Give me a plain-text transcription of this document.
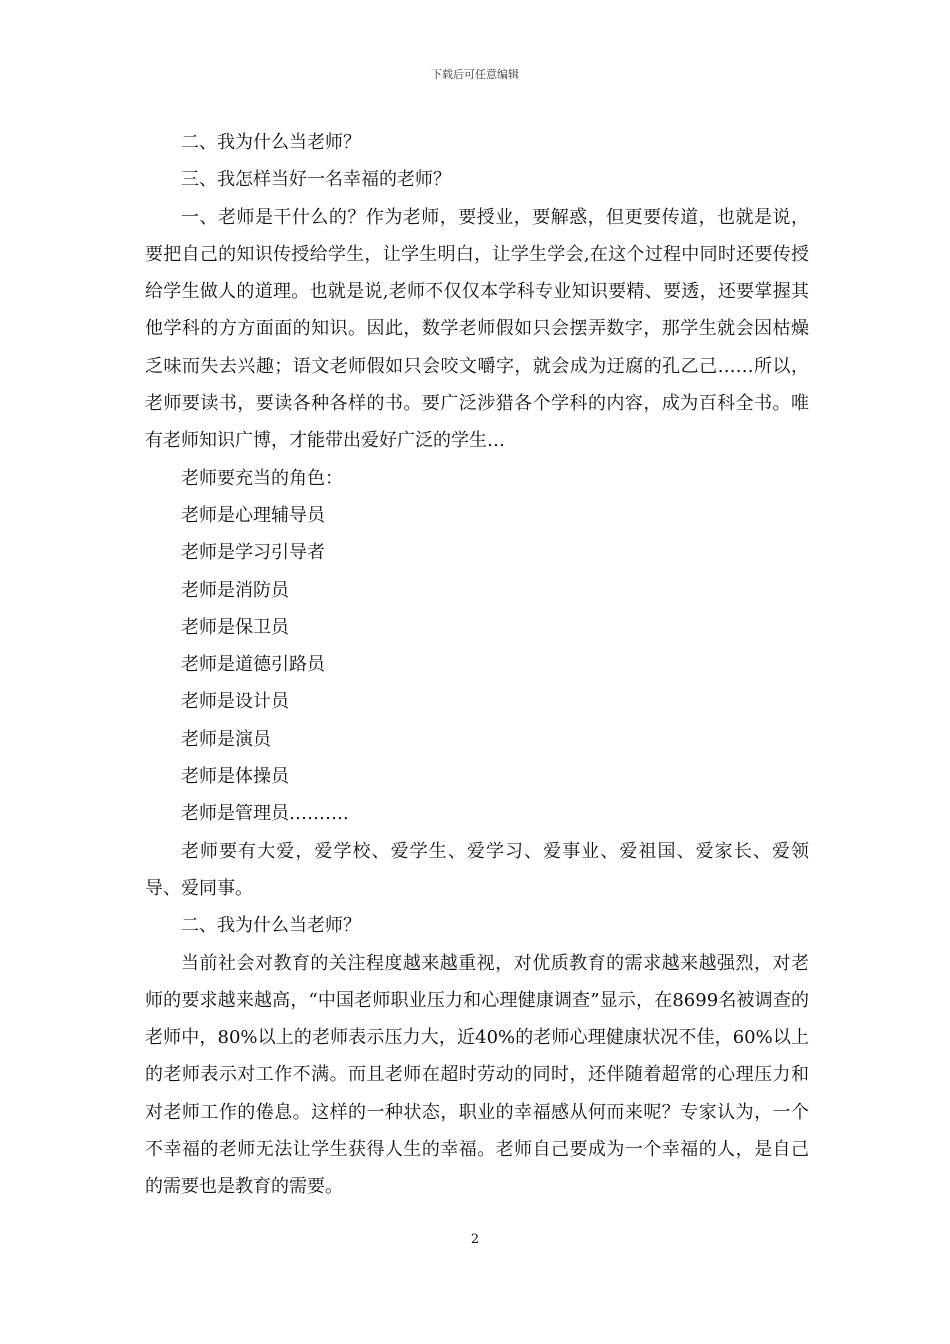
下载后可任意编辑

二、我为什么当老师？

三、我怎样当好一名幸福的老师？

一、老师是干什么的？作为老师，要授业，要解惑，但更要传道，也就是说，要把自己的知识传授给学生，让学生明白，让学生学会,在这个过程中同时还要传授给学生做人的道理。也就是说,老师不仅仅本学科专业知识要精、要透，还要掌握其他学科的方方面面的知识。因此，数学老师假如只会摆弄数字，那学生就会因枯燥乏味而失去兴趣；语文老师假如只会咬文嚼字，就会成为迂腐的孔乙己……所以，老师要读书，要读各种各样的书。要广泛涉猎各个学科的内容，成为百科全书。唯有老师知识广博，才能带出爱好广泛的学生…

老师要充当的角色：

老师是心理辅导员

老师是学习引导者

老师是消防员

老师是保卫员

老师是道德引路员

老师是设计员

老师是演员

老师是体操员

老师是管理员……….

老师要有大爱，爱学校、爱学生、爱学习、爱事业、爱祖国、爱家长、爱领导、爱同事。

二、我为什么当老师？

当前社会对教育的关注程度越来越重视，对优质教育的需求越来越强烈，对老师的要求越来越高，“中国老师职业压力和心理健康调查”显示，在8699名被调查的老师中，80%以上的老师表示压力大，近40%的老师心理健康状况不佳，60%以上的老师表示对工作不满。而且老师在超时劳动的同时，还伴随着超常的心理压力和对老师工作的倦息。这样的一种状态，职业的幸福感从何而来呢？专家认为，一个不幸福的老师无法让学生获得人生的幸福。老师自己要成为一个幸福的人，是自己的需要也是教育的需要。

2
